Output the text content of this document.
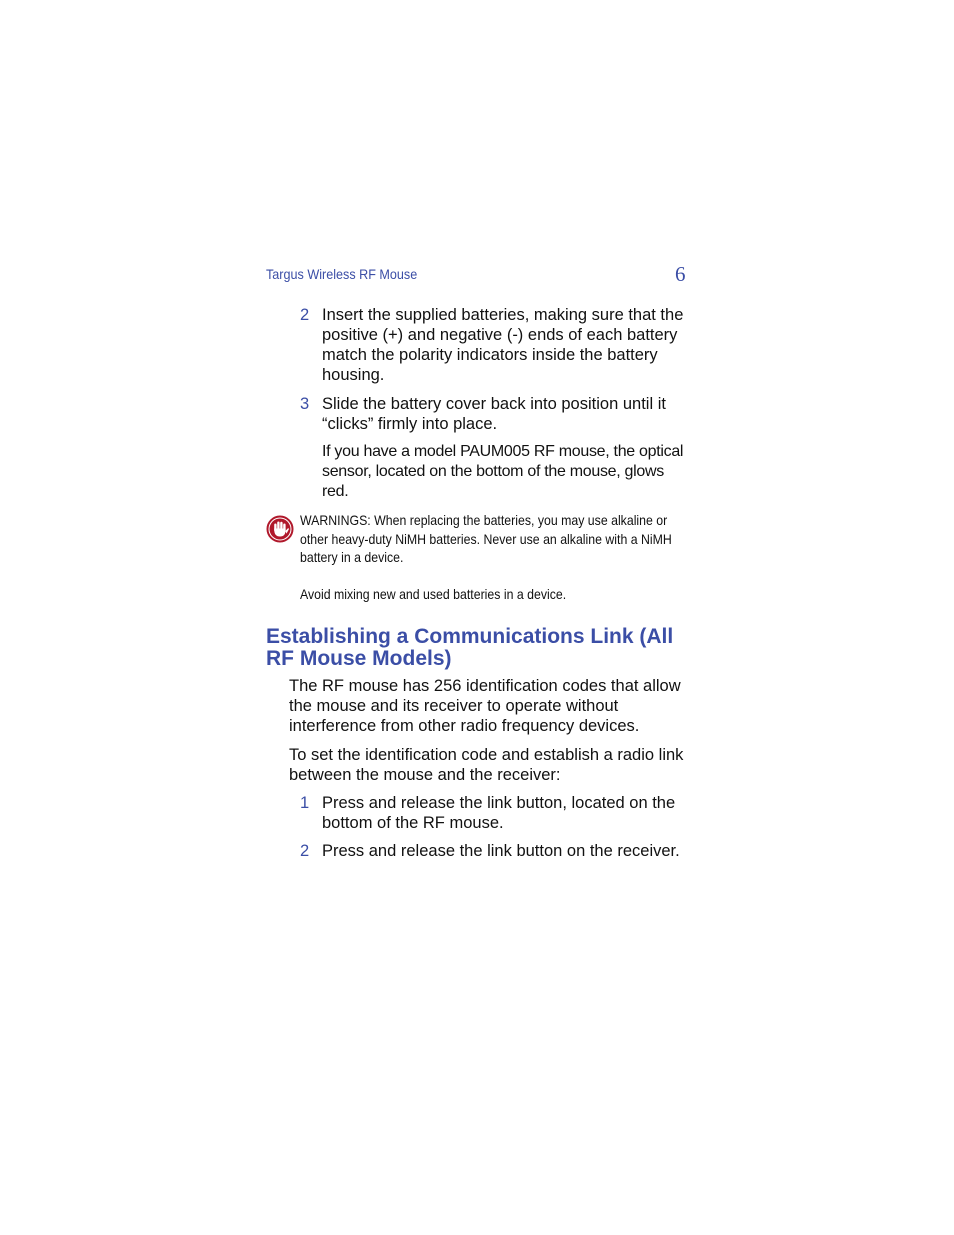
Targus Wireless RF Mouse	6
2 Insert the supplied batteries, making sure that the positive (+) and negative (-) ends of each battery match the polarity indicators inside the battery housing.
3 Slide the battery cover back into position until it “clicks” firmly into place.
If you have a model PAUM005 RF mouse, the optical sensor, located on the bottom of the mouse, glows red.
WARNINGS: When replacing the batteries, you may use alkaline or other heavy-duty NiMH batteries. Never use an alkaline with a NiMH battery in a device.
Avoid mixing new and used batteries in a device.
Establishing a Communications Link (All RF Mouse Models)
The RF mouse has 256 identification codes that allow the mouse and its receiver to operate without interference from other radio frequency devices.
To set the identification code and establish a radio link between the mouse and the receiver:
1 Press and release the link button, located on the bottom of the RF mouse.
2 Press and release the link button on the receiver.
